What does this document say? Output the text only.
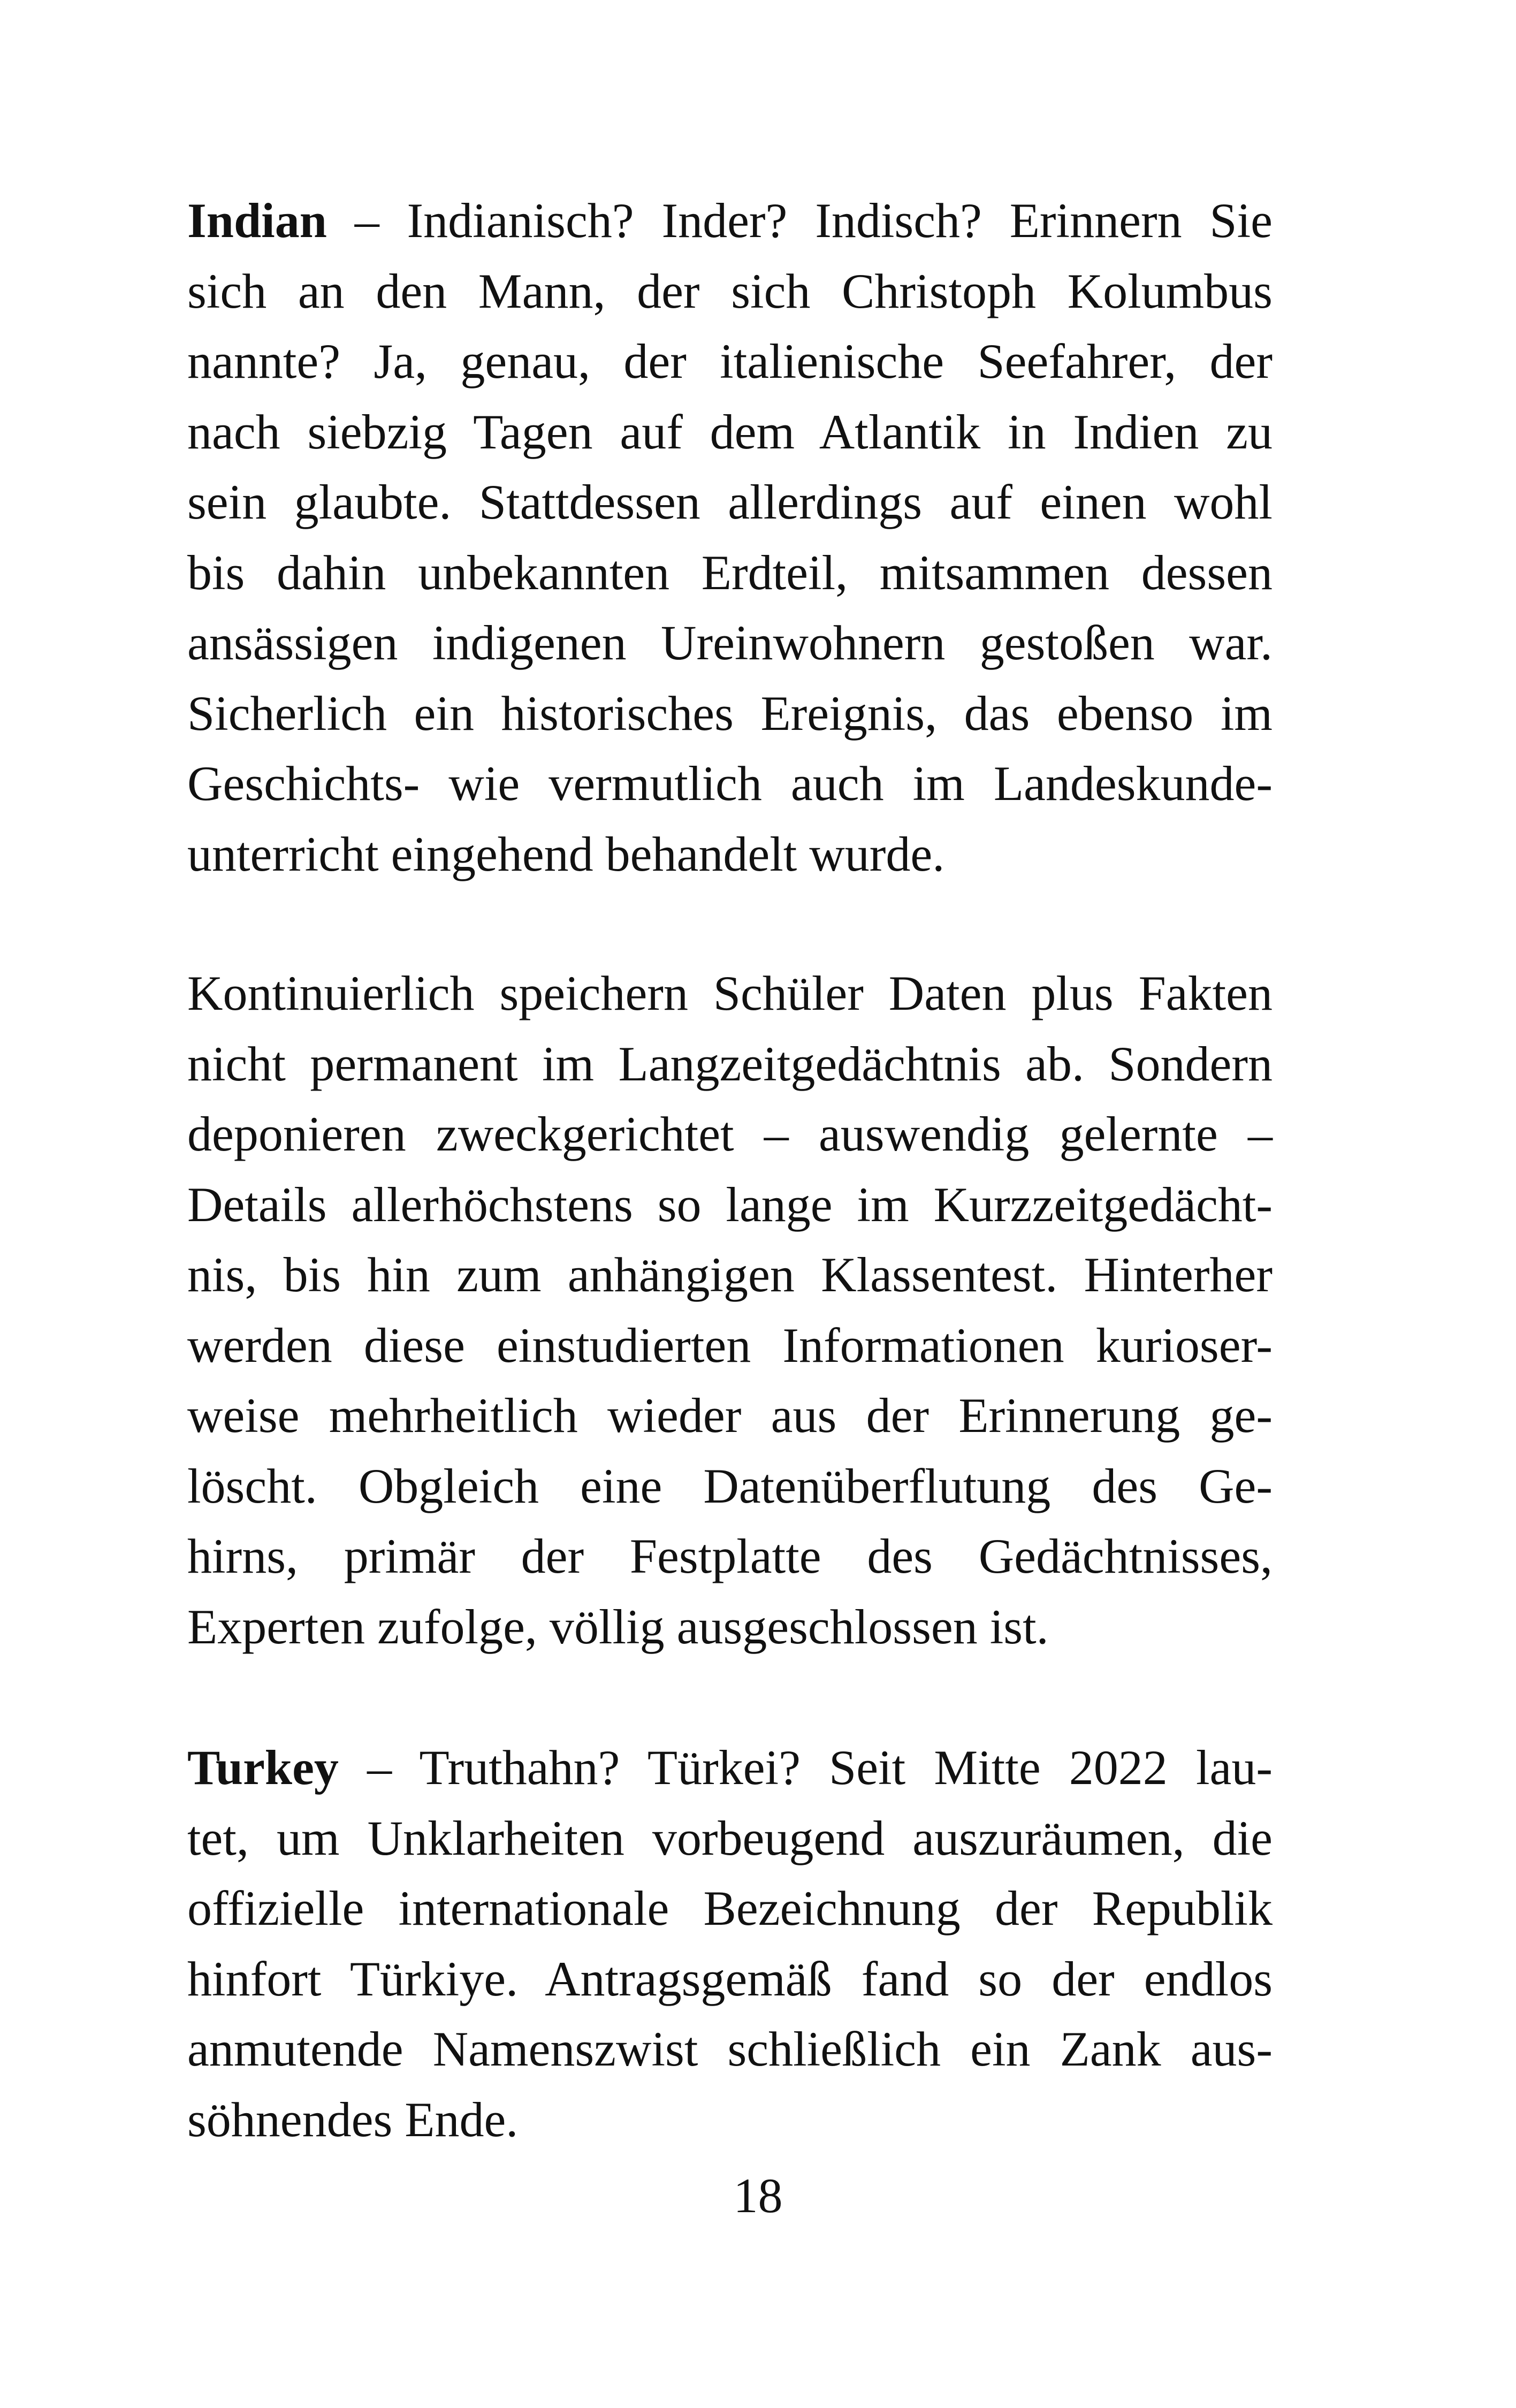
Indian – Indianisch? Inder? Indisch? Erinnern Sie
sich an den Mann, der sich Christoph Kolumbus
nannte? Ja, genau, der italienische Seefahrer, der
nach siebzig Tagen auf dem Atlantik in Indien zu
sein glaubte. Stattdessen allerdings auf einen wohl
bis dahin unbekannten Erdteil, mitsammen dessen
ansässigen indigenen Ureinwohnern gestoßen war.
Sicherlich ein historisches Ereignis, das ebenso im
Geschichts- wie vermutlich auch im Landeskunde-
unterricht eingehend behandelt wurde.
Kontinuierlich speichern Schüler Daten plus Fakten
nicht permanent im Langzeitgedächtnis ab. Sondern
deponieren zweckgerichtet – auswendig gelernte –
Details allerhöchstens so lange im Kurzzeitgedächt-
nis, bis hin zum anhängigen Klassentest. Hinterher
werden diese einstudierten Informationen kurioser-
weise mehrheitlich wieder aus der Erinnerung ge-
löscht. Obgleich eine Datenüberflutung des Ge-
hirns, primär der Festplatte des Gedächtnisses,
Experten zufolge, völlig ausgeschlossen ist.
Turkey – Truthahn? Türkei? Seit Mitte 2022 lau-
tet, um Unklarheiten vorbeugend auszuräumen, die
offizielle internationale Bezeichnung der Republik
hinfort Türkiye. Antragsgemäß fand so der endlos
anmutende Namenszwist schließlich ein Zank aus-
söhnendes Ende.
18
